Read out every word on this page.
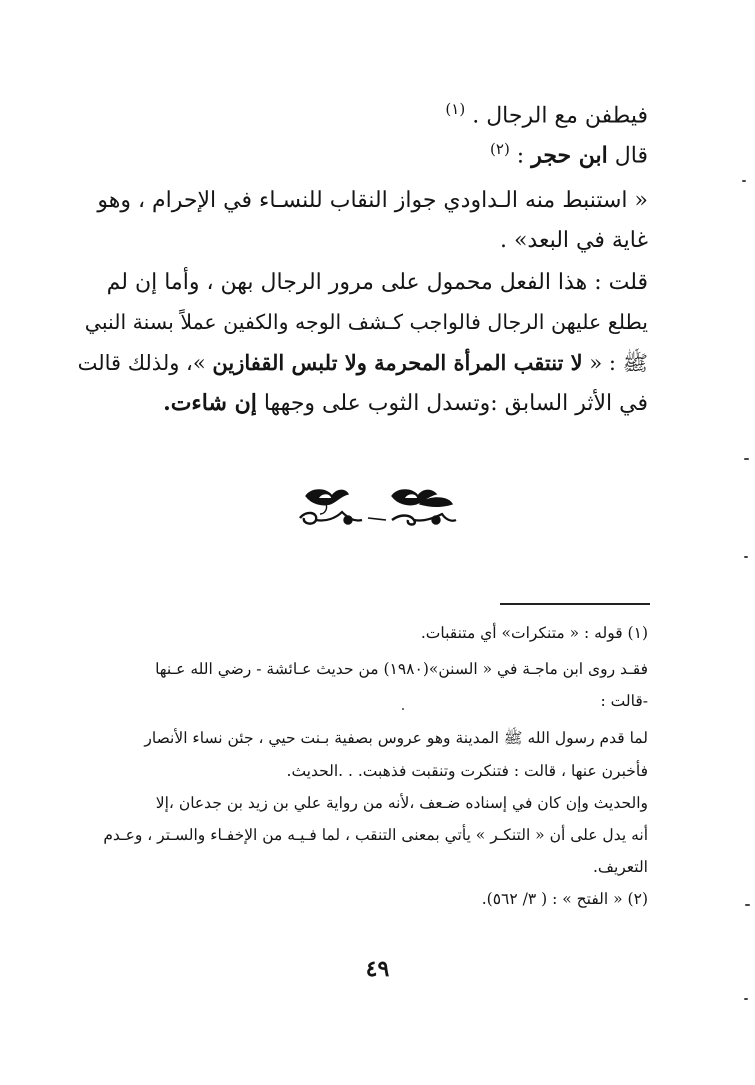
فيطفن مع الرجال . $^{(١)}$
قال ابن حجر : $^{(٢)}$
« استنبط منه الـداودي جواز النقاب للنسـاء في الإحرام ، وهو
غاية في البعد» .
قلت : هذا الفعل محمول على مرور الرجال بهن ، وأما إن لم
يطلع عليهن الرجال فالواجب كـشف الوجه والكفين عملاً بسنة النبي
ﷺ : « لا تنتقب المرأة المحرمة ولا تلبس القفازين »، ولذلك قالت
في الأثر السابق :وتسدل الثوب على وجهها إن شاءت.
(١) قوله : « متنكرات» أي متنقبات.
فقـد روى ابن ماجـة في « السنن»(١٩٨٠) من حديث عـائشة - رضي الله عـنها
-قالت :
لما قدم رسول الله ﷺ المدينة وهو عروس بصفية بـنت حيي ، جئن نساء الأنصار
فأخبرن عنها ، قالت : فتنكرت وتنقبت فذهبت. . .الحديث.
والحديث وإن كان في إسناده ضـعف ،لأنه من رواية علي بن زيد بن جدعان ،إلا
أنه يدل على أن « التنكـر » يأتي بمعنى التنقب ، لما فـيـه من الإخفـاء والسـتر ، وعـدم
التعريف.
(٢) « الفتح » : ( ٣/ ٥٦٢).
٤٩
